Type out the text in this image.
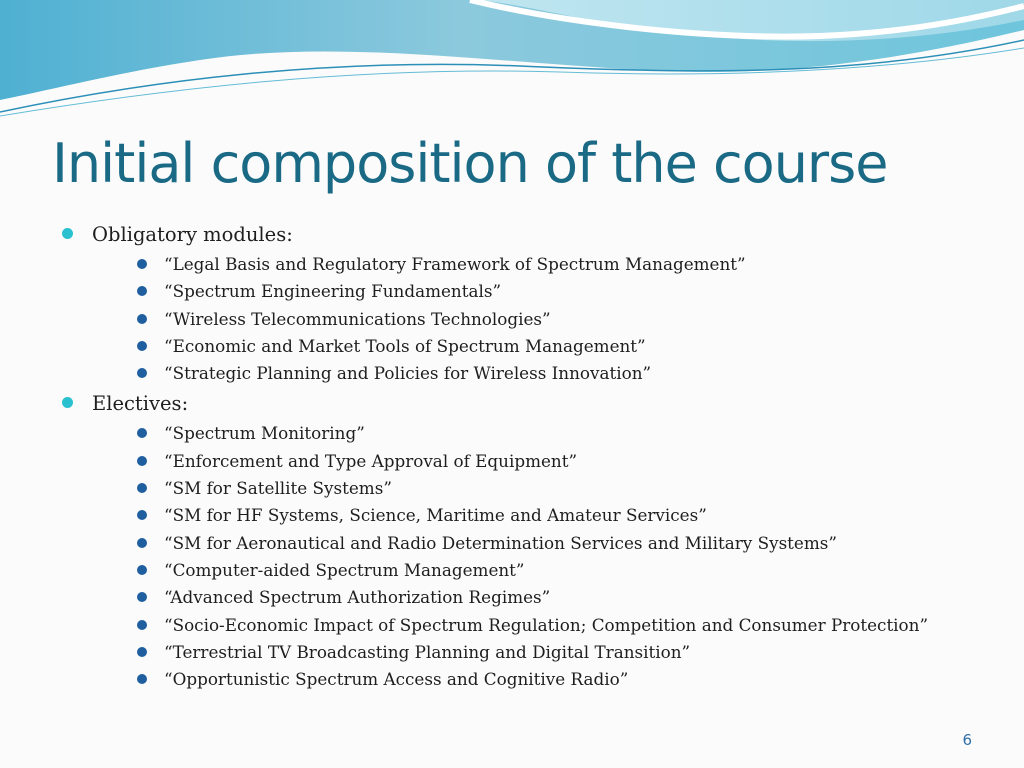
Initial composition of the course
Obligatory modules:
“Legal Basis and Regulatory Framework of Spectrum Management”
“Spectrum Engineering Fundamentals”
“Wireless Telecommunications Technologies”
“Economic and Market Tools of Spectrum Management”
“Strategic Planning and Policies for Wireless Innovation”
Electives:
“Spectrum Monitoring”
“Enforcement and Type Approval of Equipment”
“SM for Satellite Systems”
“SM for HF Systems, Science, Maritime and Amateur Services”
“SM for Aeronautical and Radio Determination Services and Military Systems”
“Computer-aided Spectrum Management”
“Advanced Spectrum Authorization Regimes”
“Socio-Economic Impact of Spectrum Regulation; Competition and Consumer Protection”
“Terrestrial TV Broadcasting Planning and Digital Transition”
“Opportunistic Spectrum Access and Cognitive Radio”
6
